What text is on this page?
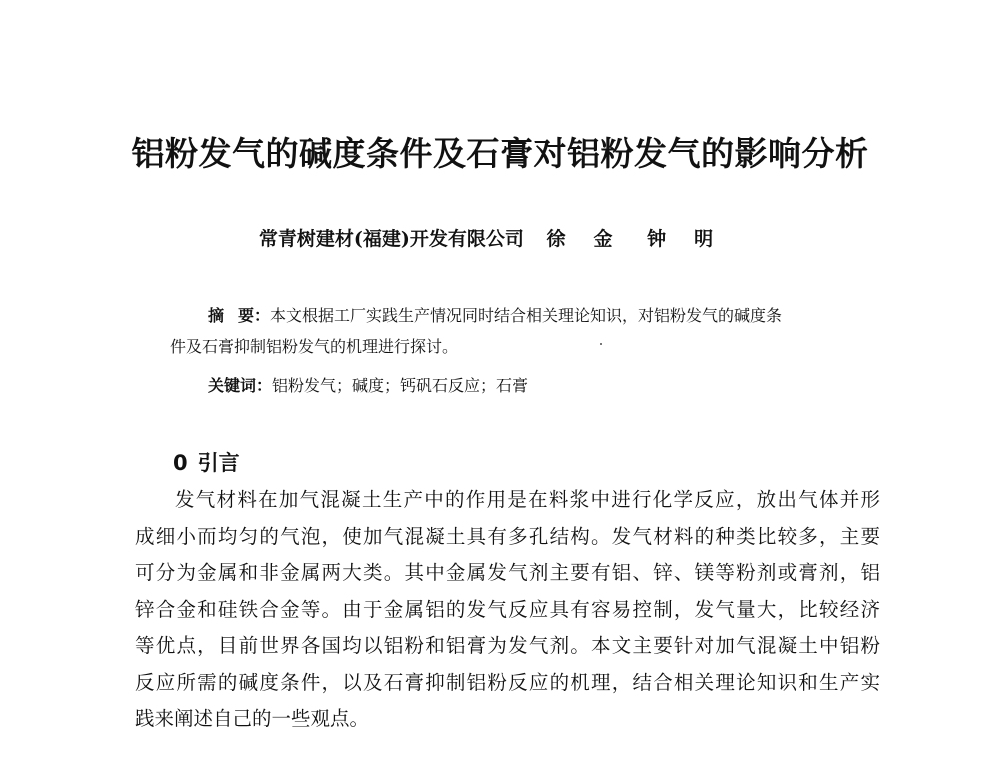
铝粉发气的碱度条件及石膏对铝粉发气的影响分析
常青树建材(福建)开发有限公司 徐金 钟明
摘要：本文根据工厂实践生产情况同时结合相关理论知识，对铝粉发气的碱度条
件及石膏抑制铝粉发气的机理进行探讨。
关键词：铝粉发气；碱度；钙矾石反应；石膏
0 引言
发气材料在加气混凝土生产中的作用是在料浆中进行化学反应，放出气体并形
成细小而均匀的气泡，使加气混凝土具有多孔结构。发气材料的种类比较多，主要
可分为金属和非金属两大类。其中金属发气剂主要有铝、锌、镁等粉剂或膏剂，铝
锌合金和硅铁合金等。由于金属铝的发气反应具有容易控制，发气量大，比较经济
等优点，目前世界各国均以铝粉和铝膏为发气剂。本文主要针对加气混凝土中铝粉
反应所需的碱度条件，以及石膏抑制铝粉反应的机理，结合相关理论知识和生产实
践来阐述自己的一些观点。
